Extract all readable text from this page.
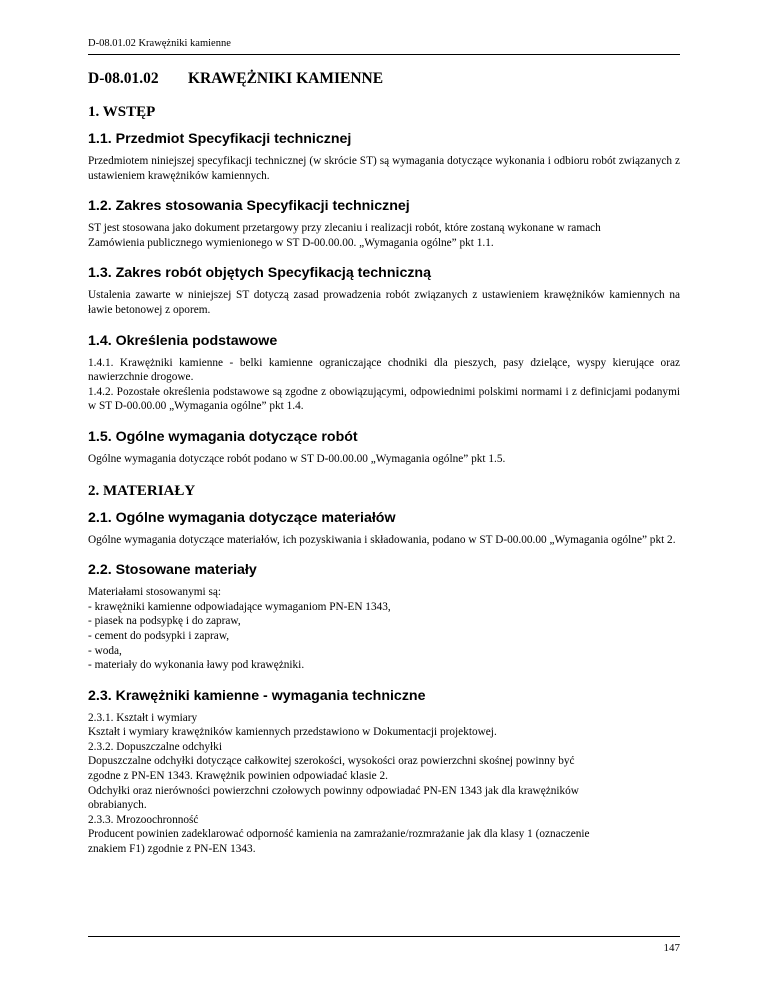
D-08.01.02 Krawężniki kamienne
D-08.01.02	KRAWĘŻNIKI KAMIENNE
1. WSTĘP
1.1. Przedmiot Specyfikacji technicznej

Przedmiotem niniejszej specyfikacji technicznej (w skrócie ST) są wymagania dotyczące wykonania i odbioru robót związanych z ustawieniem krawężników kamiennych.

1.2. Zakres stosowania Specyfikacji technicznej
ST jest stosowana jako dokument przetargowy przy zlecaniu i realizacji robót, które zostaną wykonane w ramach
Zamówienia publicznego wymienionego w ST D-00.00.00. „Wymagania ogólne” pkt 1.1.
1.3. Zakres robót objętych Specyfikacją techniczną

Ustalenia zawarte w niniejszej ST dotyczą zasad prowadzenia robót związanych z ustawieniem krawężników kamiennych na ławie betonowej z oporem.

1.4. Określenia podstawowe

1.4.1. Krawężniki kamienne - belki kamienne ograniczające chodniki dla pieszych, pasy dzielące, wyspy kierujące oraz nawierzchnie drogowe.

1.4.2. Pozostałe określenia podstawowe są zgodne z obowiązującymi, odpowiednimi polskimi normami i z definicjami podanymi w ST D-00.00.00 „Wymagania ogólne” pkt 1.4.

1.5. Ogólne wymagania dotyczące robót

Ogólne wymagania dotyczące robót podano w ST D-00.00.00 „Wymagania ogólne” pkt 1.5.

2. MATERIAŁY
2.1. Ogólne wymagania dotyczące materiałów

Ogólne wymagania dotyczące materiałów, ich pozyskiwania i składowania, podano w ST D-00.00.00 „Wymagania ogólne” pkt 2.

2.2. Stosowane materiały
Materiałami stosowanymi są:
- krawężniki kamienne odpowiadające wymaganiom PN-EN 1343,
- piasek na podsypkę i do zapraw,
- cement do podsypki i zapraw,
- woda,
- materiały do wykonania ławy pod krawężniki.
2.3. Krawężniki kamienne - wymagania techniczne
2.3.1. Kształt i wymiary
Kształt i wymiary krawężników kamiennych przedstawiono w Dokumentacji projektowej.
2.3.2. Dopuszczalne odchyłki
Dopuszczalne odchyłki dotyczące całkowitej szerokości, wysokości oraz powierzchni skośnej powinny być
zgodne z PN-EN 1343. Krawężnik powinien odpowiadać klasie 2.
Odchyłki oraz nierówności powierzchni czołowych powinny odpowiadać PN-EN 1343 jak dla krawężników
obrabianych.
2.3.3. Mrozoochronność
Producent powinien zadeklarować odporność kamienia na zamrażanie/rozmrażanie jak dla klasy 1 (oznaczenie
znakiem F1) zgodnie z PN-EN 1343.
147
